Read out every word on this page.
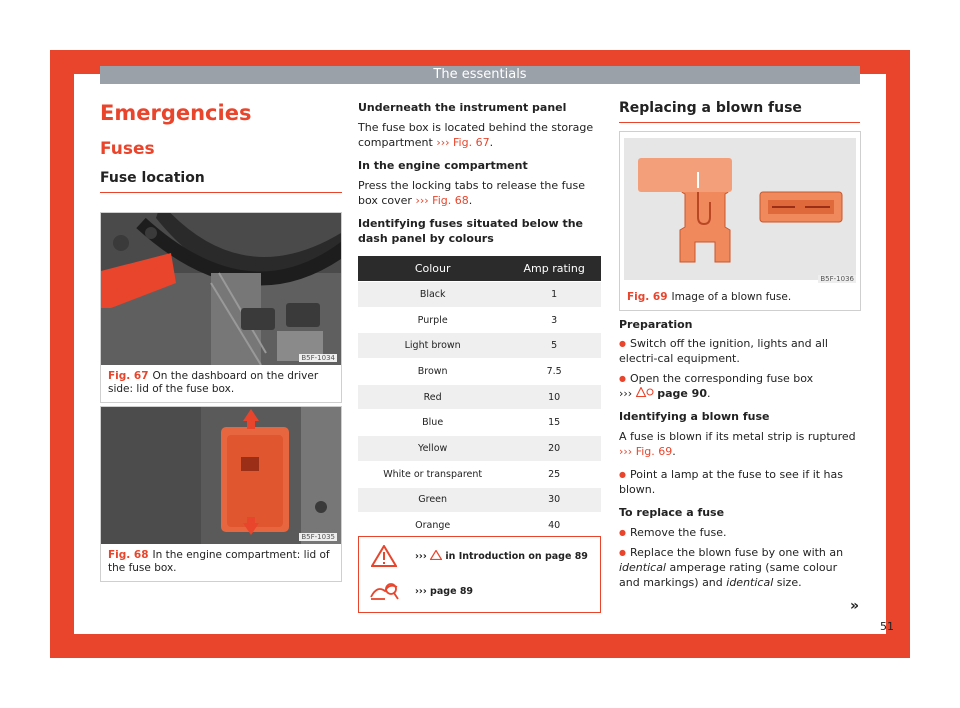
The essentials
Emergencies
Fuses
Fuse location
B5F-1034
Fig. 67 On the dashboard on the driver side: lid of the fuse box.
B5F-1035
Fig. 68 In the engine compartment: lid of the fuse box.

Underneath the instrument panel

The fuse box is located behind the storage compartment ››› Fig. 67.

In the engine compartment

Press the locking tabs to release the fuse box cover ››› Fig. 68.

Identifying fuses situated below the dash panel by colours

Colour	Amp rating
Black	1
Purple	3
Light brown	5
Brown	7.5
Red	10
Blue	15
Yellow	20
White or transparent	25
Green	30
Orange	40
››› in Introduction on page 89
››› page 89
Replacing a blown fuse
B5F-1036
Fig. 69 Image of a blown fuse.

Preparation

● Switch off the ignition, lights and all electri-cal equipment.

● Open the corresponding fuse box
››› page 90.

Identifying a blown fuse

A fuse is blown if its metal strip is ruptured
››› Fig. 69.

● Point a lamp at the fuse to see if it has blown.

To replace a fuse

● Remove the fuse.

● Replace the blown fuse by one with an identical amperage rating (same colour and markings) and identical size.

»
51
